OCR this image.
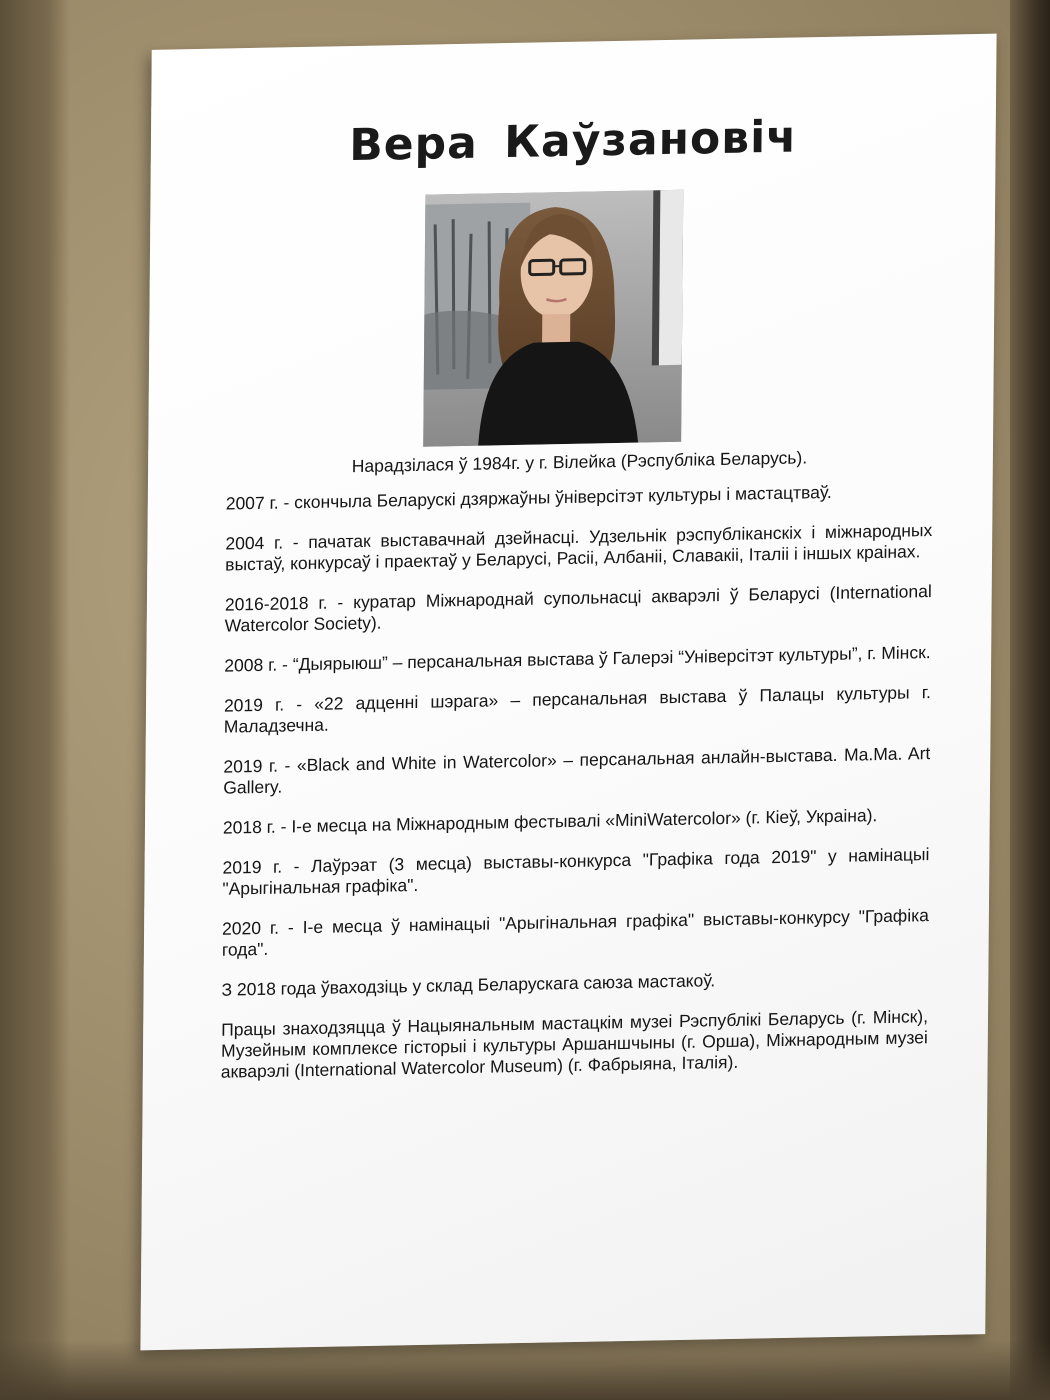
Вера Каўзановіч

Нарадзілася ў 1984г. у г. Вілейка (Рэспубліка Беларусь).

2007 г. - скончыла Беларускі дзяржаўны ўніверсітэт культуры і мастацтваў.

2004 г. - пачатак выставачнай дзейнасці. Удзельнік рэспубліканскіх і міжнародных выстаў, конкурсаў і праектаў у Беларусі, Расіі, Албаніі, Славакіі, Італіі і іншых краінах.

2016-2018 г. - куратар Міжнароднай супольнасці акварэлі ў Беларусі (International Watercolor Society).

2008 г. - “Дыярыюш” – персанальная выстава ў Галерэі “Універсітэт культуры”, г. Мінск.

2019 г. - «22 адценні шэрага» – персанальная выстава ў Палацы культуры г. Маладзечна.

2019 г. - «Black and White in Watercolor» – персанальная анлайн-выстава. Ma.Ma. Art Gallery.

2018 г. - I-е месца на Міжнародным фестывалі «MiniWatercolor» (г. Кіеў, Украіна).

2019 г. - Лаўрэат (3 месца) выставы-конкурса "Графіка года 2019" у намінацыі "Арыгінальная графіка".

2020 г. - I-е месца ў намінацыі "Арыгінальная графіка" выставы-конкурсу "Графіка года".

З 2018 года ўваходзіць у склад Беларускага саюза мастакоў.

Працы знаходзяцца ў Нацыянальным мастацкім музеі Рэспублікі Беларусь (г. Мінск), Музейным комплексе гісторыі і культуры Аршаншчыны (г. Орша), Міжнародным музеі акварэлі (International Watercolor Museum) (г. Фабрыяна, Італія).
